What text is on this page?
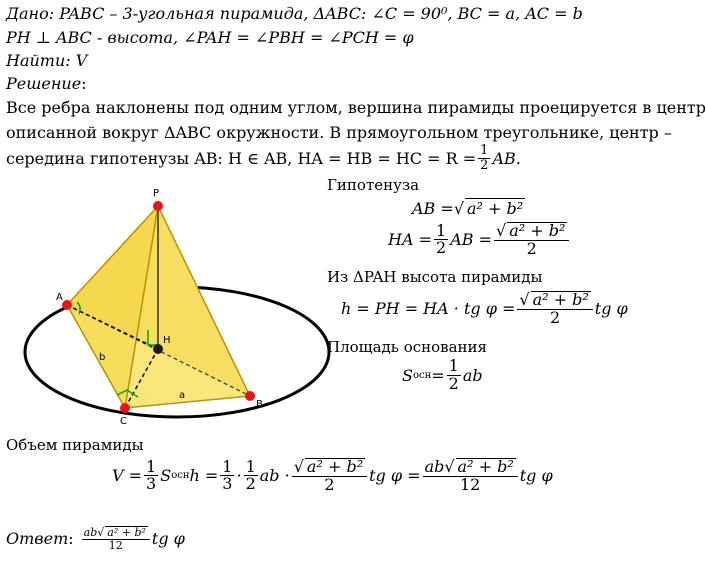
Дано: PABC – 3-угольная пирамида, ΔABC: ∠C = 90⁰, BC = a, AC = b
PH ⊥ ABC - высота, ∠PAH = ∠PBH = ∠PCH = φ
Найти: V
Решение:
Все ребра наклонены под одним углом, вершина пирамиды проецируется в центр
описанной вокруг ΔABC окружности. В прямоугольном треугольнике, центр –
середина гипотенузы AB: H ∈ AB, HA = HB = HC = $R = \frac{1}{2}$ AB.
P
A
B
C
H
a
b
Гипотенуза
AB = √ a² + b²
HA = $\frac{1}{2}$ AB = $\frac{\text{√ a² + b²}}{2}$
Из ΔPAH высота пирамиды
h = PH = HA · tg $\varphi = \frac{\text{√ a² + b²}}{2}$ tg φ
Площадь основания
S осн = $\frac{1}{2}$ ab
Объем пирамиды
$V = \frac{1}{3}$ S осн $h = \frac{1}{3} \cdot \frac{1}{2}$ ab · $\frac{\text{√ a² + b²}}{2}$ tg $\varphi = \frac{\text{ab√ a² + b²}}{12}$ tg φ
Ответ : $\frac{\text{ab√ a² + b²}}{12}$ tg φ
